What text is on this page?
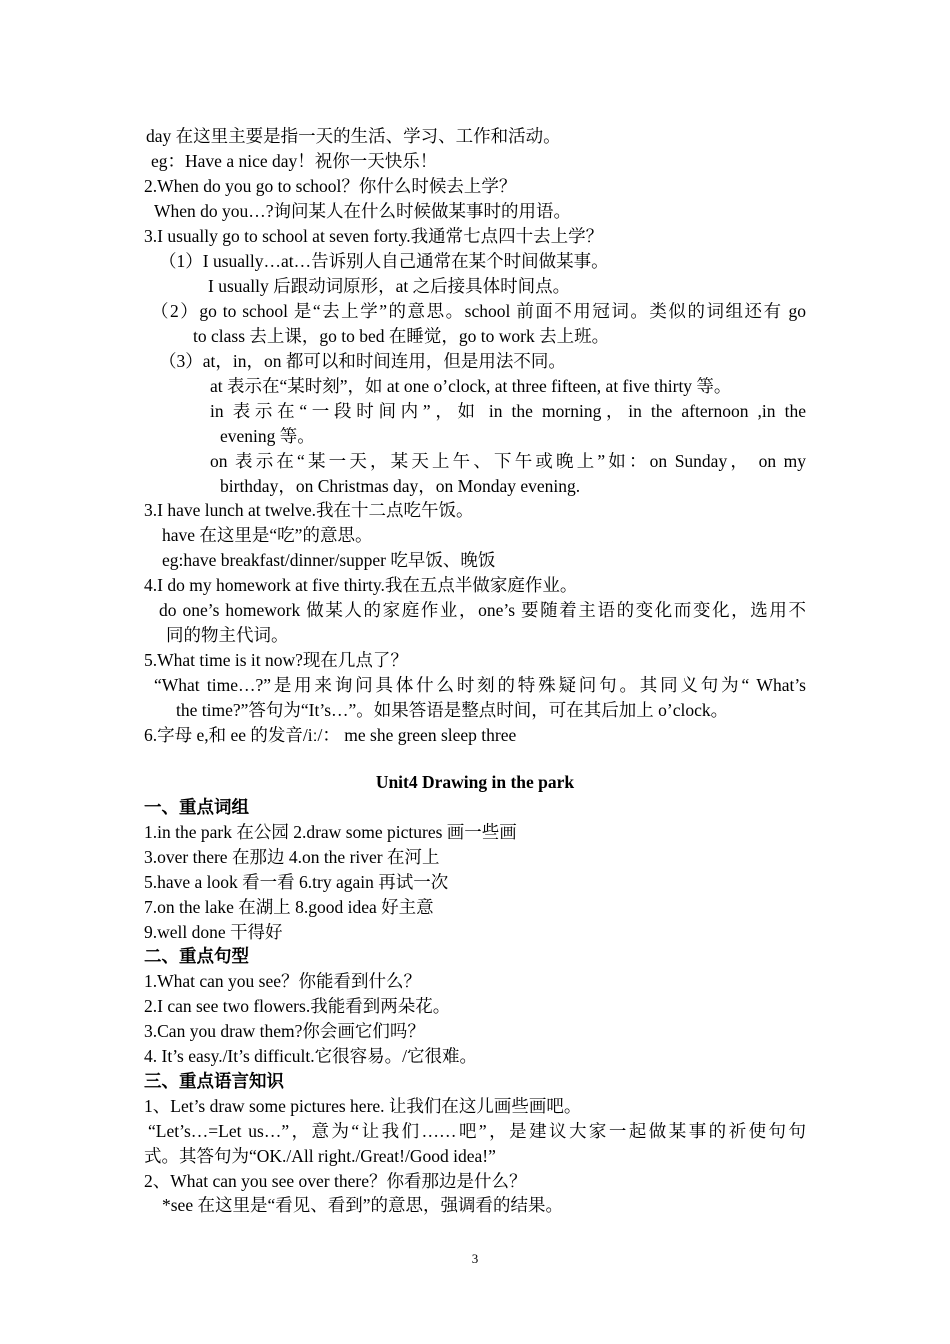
day 在这里主要是指一天的生活、学习、工作和活动。
eg：Have a nice day！祝你一天快乐！
2.When do you go to school？你什么时候去上学？
When do you…?询问某人在什么时候做某事时的用语。
3.I usually go to school at seven forty.我通常七点四十去上学？
（1）I usually…at…告诉别人自己通常在某个时间做某事。
I usually 后跟动词原形，at 之后接具体时间点。
（2）go to school 是“去上学”的意思。school 前面不用冠词。类似的词组还有 go
to class 去上课，go to bed 在睡觉，go to work 去上班。
（3）at，in，on 都可以和时间连用，但是用法不同。
at 表示在“某时刻”，如 at one o’clock, at three fifteen, at five thirty 等。
in 表示在“一段时间内”，如 in the morning，in the afternoon ,in the
evening 等。
on 表示在“某一天，某天上午、下午或晚上”如：on Sunday， on my
birthday，on Christmas day，on Monday evening.
3.I have lunch at twelve.我在十二点吃午饭。
have 在这里是“吃”的意思。
eg:have breakfast/dinner/supper 吃早饭、晚饭
4.I do my homework at five thirty.我在五点半做家庭作业。
do one’s homework 做某人的家庭作业，one’s 要随着主语的变化而变化，选用不
同的物主代词。
5.What time is it now?现在几点了？
“What time…?”是用来询问具体什么时刻的特殊疑问句。其同义句为“ What’s
the time?”答句为“It’s…”。如果答语是整点时间，可在其后加上 o’clock。
6.字母 e,和 ee 的发音/iː/： me she green sleep three
Unit4 Drawing in the park
一、重点词组
1.in the park 在公园 2.draw some pictures 画一些画
3.over there 在那边 4.on the river 在河上
5.have a look 看一看 6.try again 再试一次
7.on the lake 在湖上 8.good idea 好主意
9.well done 干得好
二、重点句型
1.What can you see？你能看到什么？
2.I can see two flowers.我能看到两朵花。
3.Can you draw them?你会画它们吗？
4. It’s easy./It’s difficult.它很容易。/它很难。
三、重点语言知识
1、Let’s draw some pictures here. 让我们在这儿画些画吧。
“Let’s…=Let us…”，意为“让我们……吧”，是建议大家一起做某事的祈使句句
式。其答句为“OK./All right./Great!/Good idea!”
2、What can you see over there？你看那边是什么？
*see 在这里是“看见、看到”的意思，强调看的结果。
3
